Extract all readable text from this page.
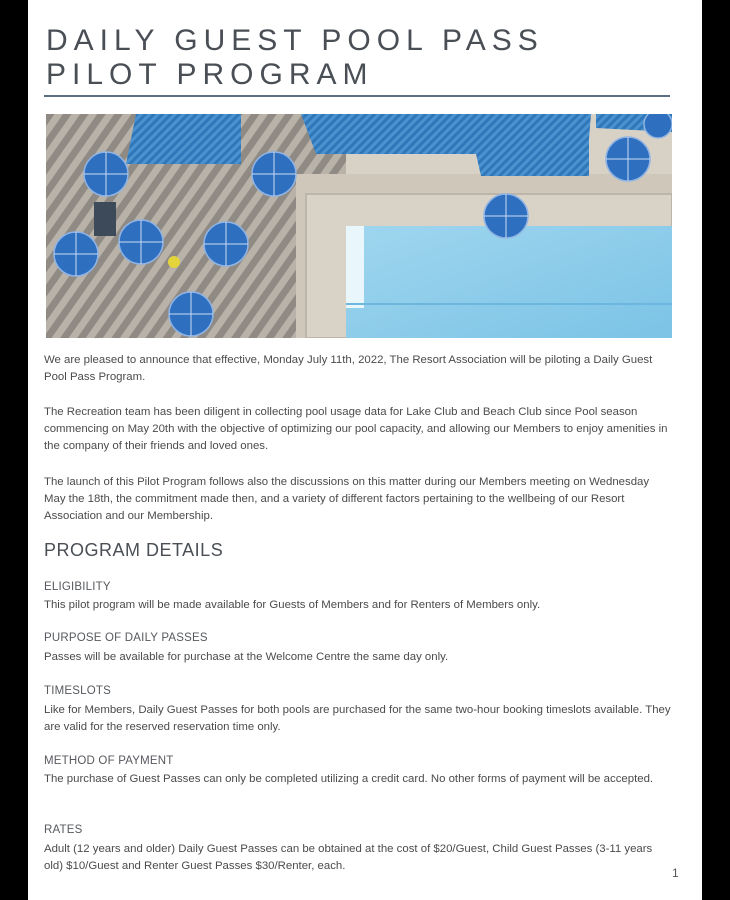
DAILY GUEST POOL PASS
PILOT PROGRAM

We are pleased to announce that effective, Monday July 11th, 2022, The Resort Association will be piloting a Daily Guest Pool Pass Program.

The Recreation team has been diligent in collecting pool usage data for Lake Club and Beach Club since Pool season commencing on May 20th with the objective of optimizing our pool capacity, and allowing our Members to enjoy amenities in the company of their friends and loved ones.

The launch of this Pilot Program follows also the discussions on this matter during our Members meeting on Wednesday May the 18th, the commitment made then, and a variety of different factors pertaining to the wellbeing of our Resort Association and our Membership.

PROGRAM DETAILS

ELIGIBILITY

This pilot program will be made available for Guests of Members and for Renters of Members only.

PURPOSE OF DAILY PASSES

Passes will be available for purchase at the Welcome Centre the same day only.

TIMESLOTS

Like for Members, Daily Guest Passes for both pools are purchased for the same two-hour booking timeslots available. They are valid for the reserved reservation time only.

METHOD OF PAYMENT

The purchase of Guest Passes can only be completed utilizing a credit card. No other forms of payment will be accepted.

RATES

Adult (12 years and older) Daily Guest Passes can be obtained at the cost of $20/Guest, Child Guest Passes (3-11 years old) $10/Guest and Renter Guest Passes $30/Renter, each.	1
